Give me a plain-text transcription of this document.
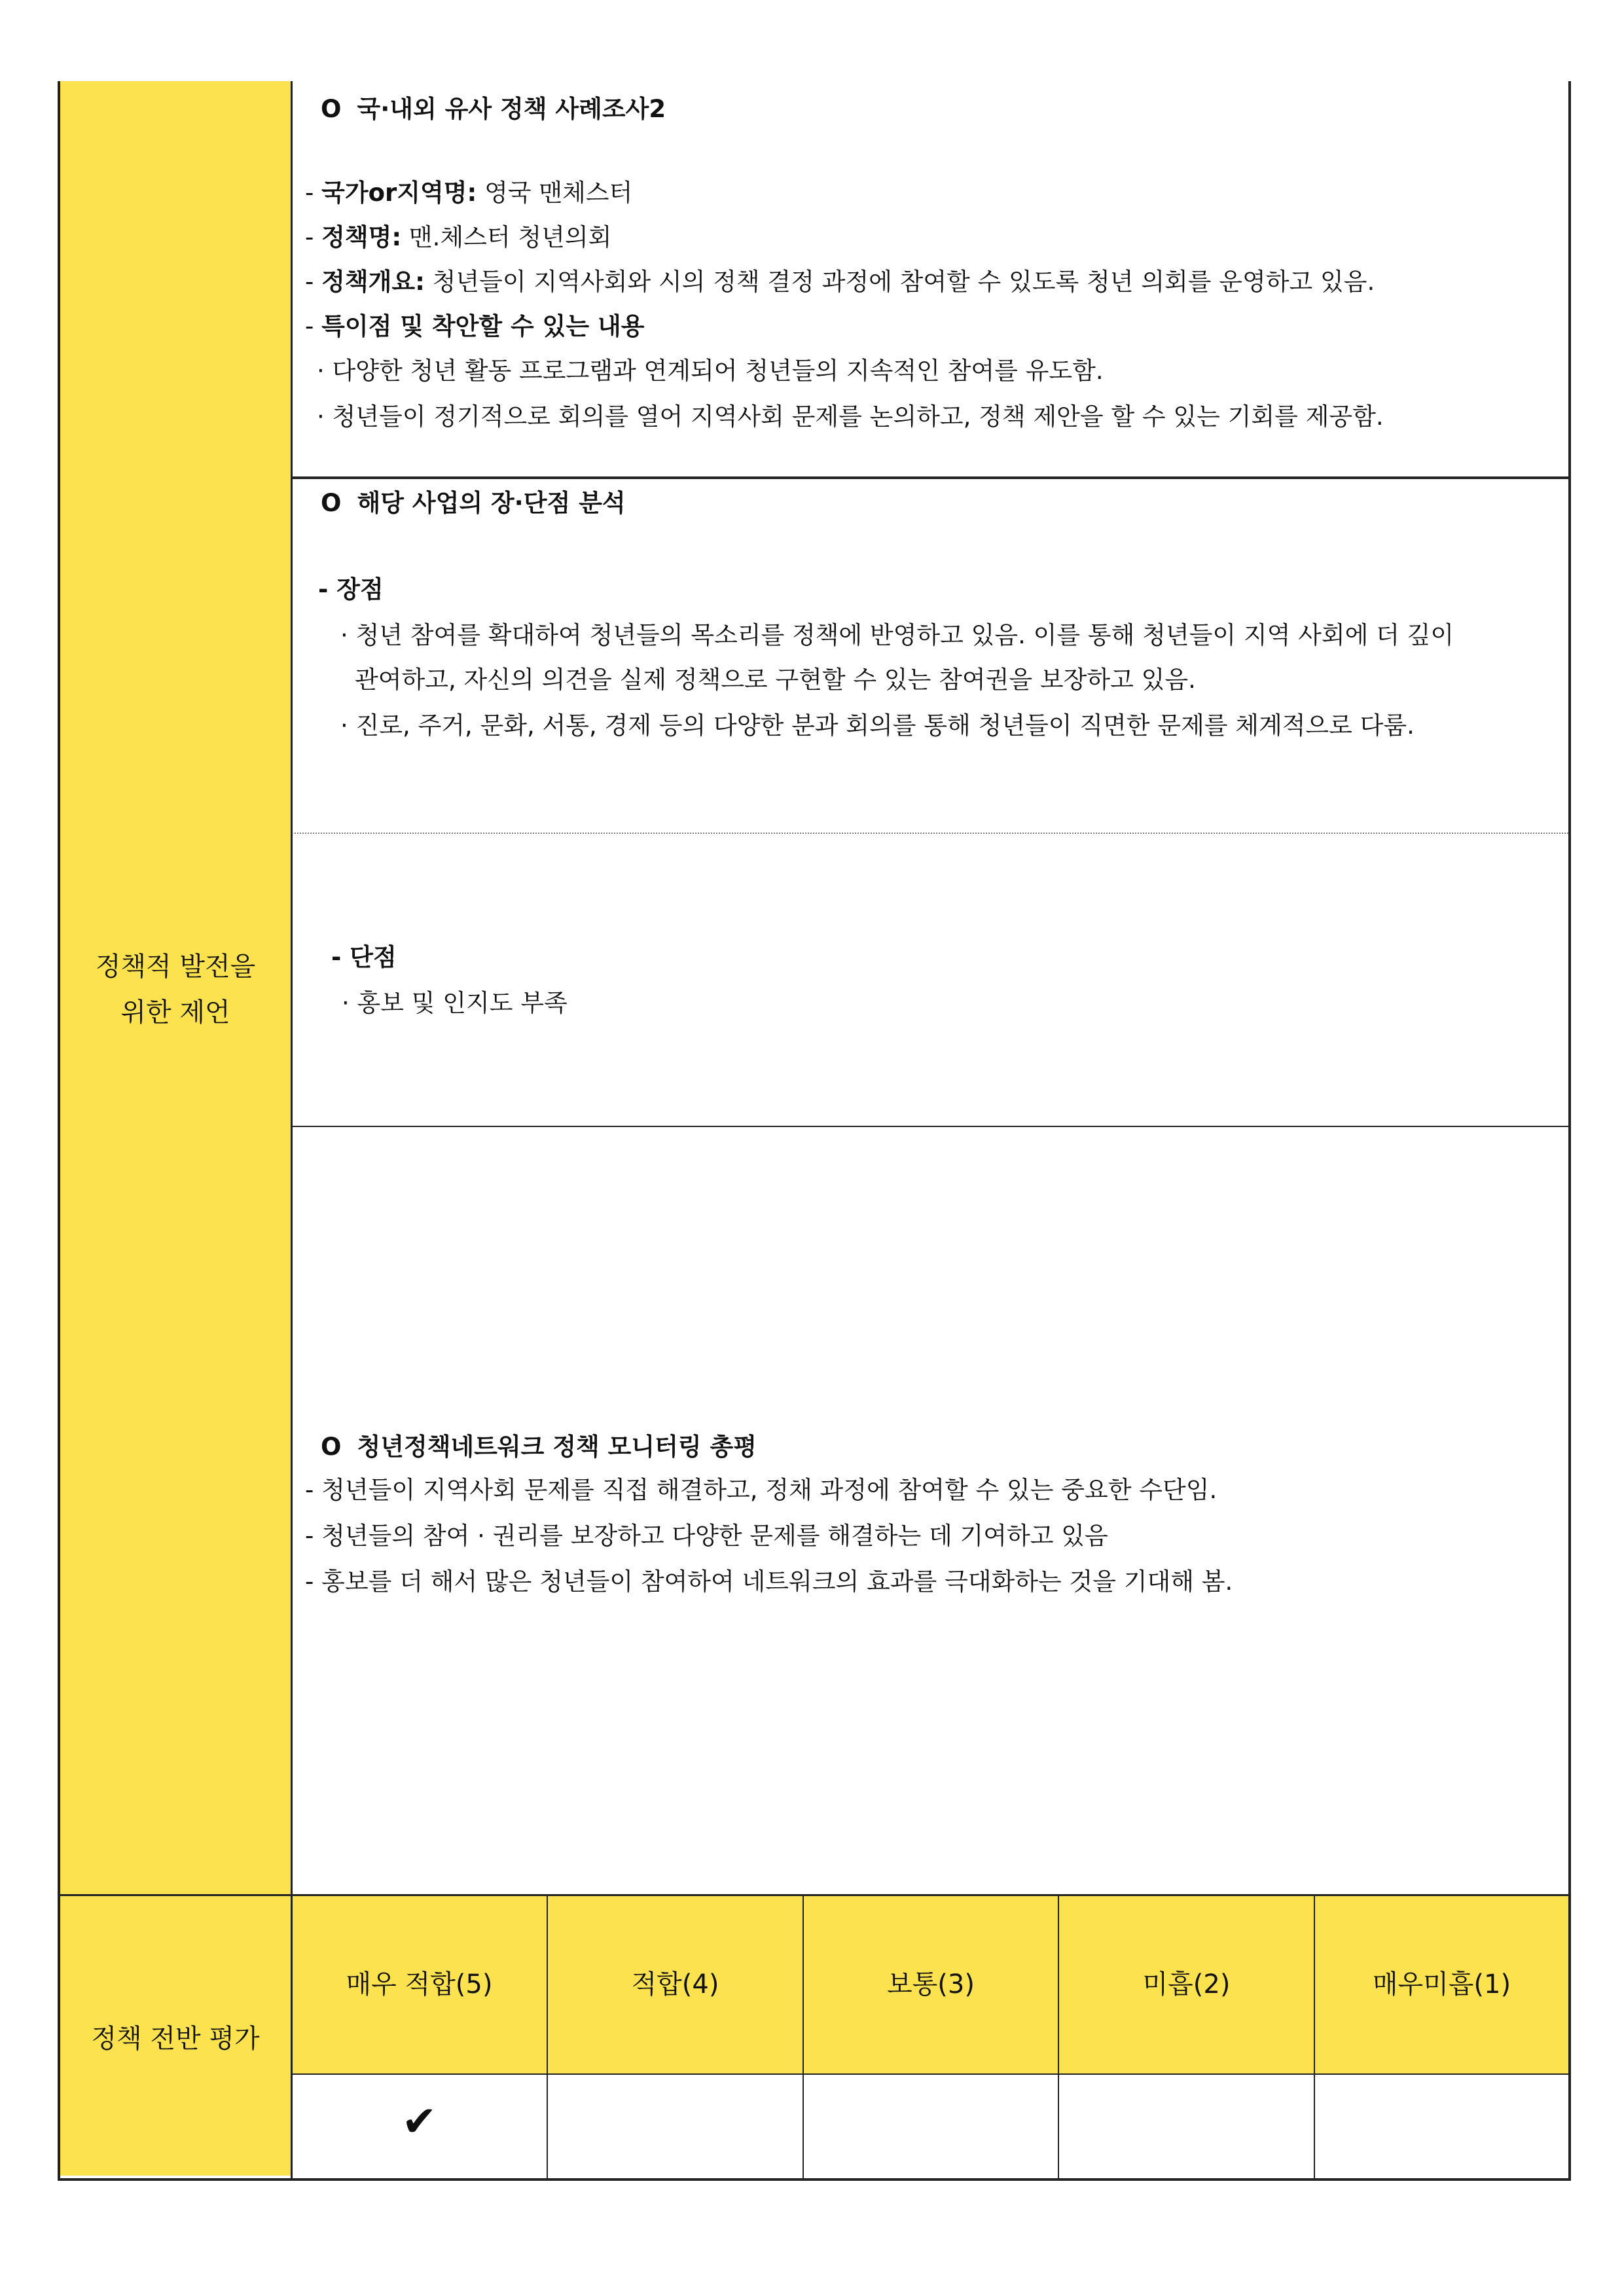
정책적 발전을
위한 제언
정책 전반 평가
O 국·내외 유사 정책 사례조사2
- 국가or지역명: 영국 맨체스터
- 정책명: 맨.체스터 청년의회
- 정책개요: 청년들이 지역사회와 시의 정책 결정 과정에 참여할 수 있도록 청년 의회를 운영하고 있음.
- 특이점 및 착안할 수 있는 내용
· 다양한 청년 활동 프로그램과 연계되어 청년들의 지속적인 참여를 유도함.
· 청년들이 정기적으로 회의를 열어 지역사회 문제를 논의하고, 정책 제안을 할 수 있는 기회를 제공함.
O 해당 사업의 장·단점 분석
- 장점
· 청년 참여를 확대하여 청년들의 목소리를 정책에 반영하고 있음. 이를 통해 청년들이 지역 사회에 더 깊이
관여하고, 자신의 의견을 실제 정책으로 구현할 수 있는 참여권을 보장하고 있음.
· 진로, 주거, 문화, 서통, 경제 등의 다양한 분과 회의를 통해 청년들이 직면한 문제를 체계적으로 다룸.
- 단점
· 홍보 및 인지도 부족
O 청년정책네트워크 정책 모니터링 총평
- 청년들이 지역사회 문제를 직접 해결하고, 정채 과정에 참여할 수 있는 중요한 수단임.
- 청년들의 참여 · 권리를 보장하고 다양한 문제를 해결하는 데 기여하고 있음
- 홍보를 더 해서 많은 청년들이 참여하여 네트워크의 효과를 극대화하는 것을 기대해 봄.
매우 적합(5)	적합(4)	보통(3)	미흡(2)	매우미흡(1)
✔
